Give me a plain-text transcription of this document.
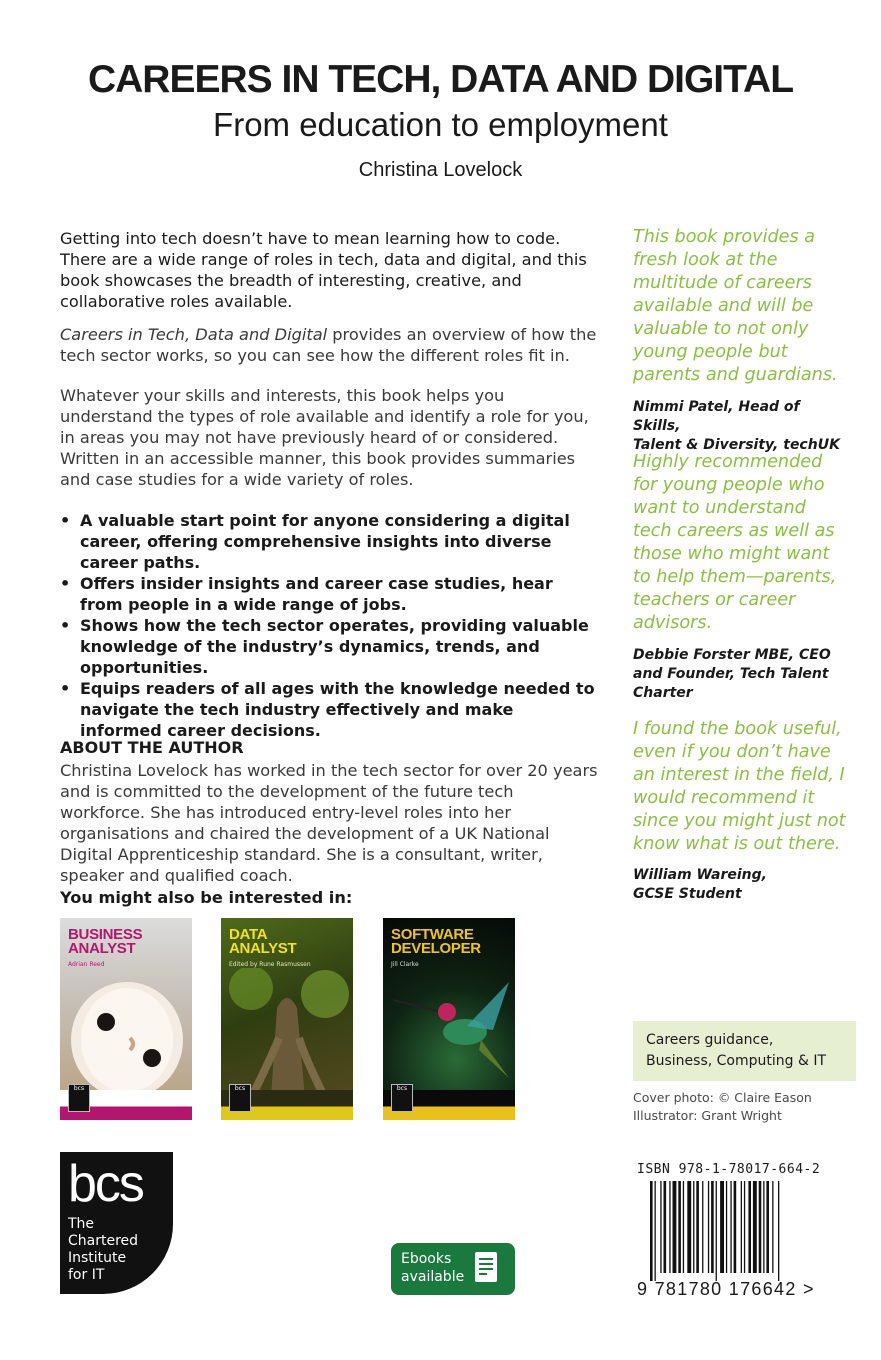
CAREERS IN TECH, DATA AND DIGITAL
From education to employment
Christina Lovelock
Getting into tech doesn’t have to mean learning how to code. There are a wide range of roles in tech, data and digital, and this book showcases the breadth of interesting, creative, and collaborative roles available.
Careers in Tech, Data and Digital provides an overview of how the tech sector works, so you can see how the different roles fit in.
Whatever your skills and interests, this book helps you understand the types of role available and identify a role for you, in areas you may not have previously heard of or considered. Written in an accessible manner, this book provides summaries and case studies for a wide variety of roles.
• A valuable start point for anyone considering a digital career, offering comprehensive insights into diverse career paths.
• Offers insider insights and career case studies, hear from people in a wide range of jobs.
• Shows how the tech sector operates, providing valuable knowledge of the industry’s dynamics, trends, and opportunities.
• Equips readers of all ages with the knowledge needed to navigate the tech industry effectively and make informed career decisions.
ABOUT THE AUTHOR
Christina Lovelock has worked in the tech sector for over 20 years and is committed to the development of the future tech workforce. She has introduced entry-level roles into her organisations and chaired the development of a UK National Digital Apprenticeship standard. She is a consultant, writer, speaker and qualified coach.
You might also be interested in:
BUSINESS
ANALYST
Adrian Reed
bcs
DATA
ANALYST
Edited by Rune Rasmussen
bcs
SOFTWARE
DEVELOPER
Jill Clarke
bcs
This book provides a fresh look at the multitude of careers available and will be valuable to not only young people but parents and guardians.
Nimmi Patel, Head of Skills,
Talent & Diversity, techUK
Highly recommended for young people who want to understand tech careers as well as those who might want to help them—parents, teachers or career advisors.
Debbie Forster MBE, CEO
and Founder, Tech Talent
Charter
I found the book useful, even if you don’t have an interest in the field, I would recommend it since you might just not know what is out there.
William Wareing,
GCSE Student
Careers guidance,
Business, Computing & IT
Cover photo: © Claire Eason
Illustrator: Grant Wright
bcs
The
Chartered
Institute
for IT
Ebooks
available
ISBN 978-1-78017-664-2
9 781780 176642 >
